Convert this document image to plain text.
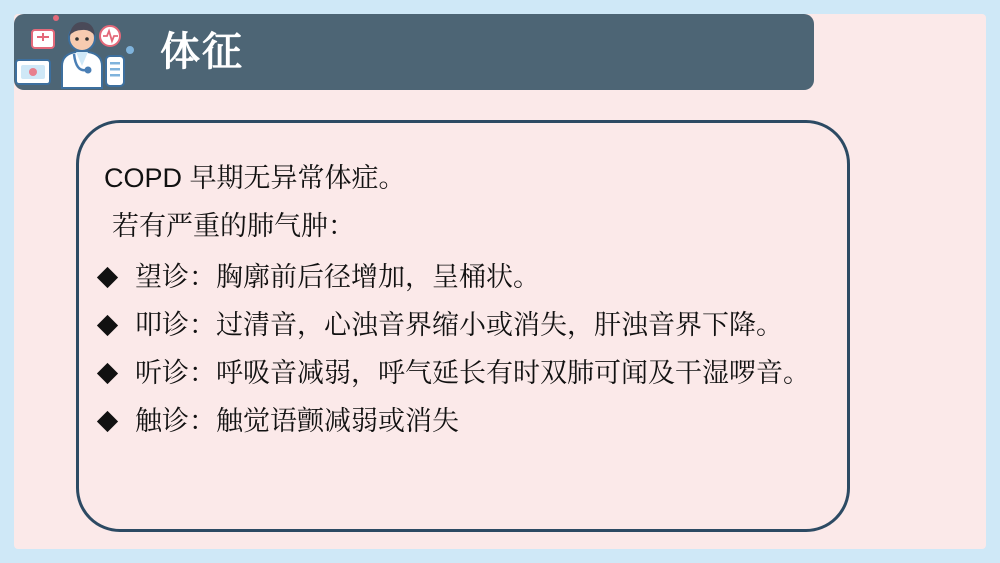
体征
COPD 早期无异常体症。
若有严重的肺气肿：
望诊：胸廓前后径增加，呈桶状。
叩诊：过清音，心浊音界缩小或消失，肝浊音界下降。
听诊：呼吸音减弱，呼气延长有时双肺可闻及干湿啰音。
触诊：触觉语颤减弱或消失
